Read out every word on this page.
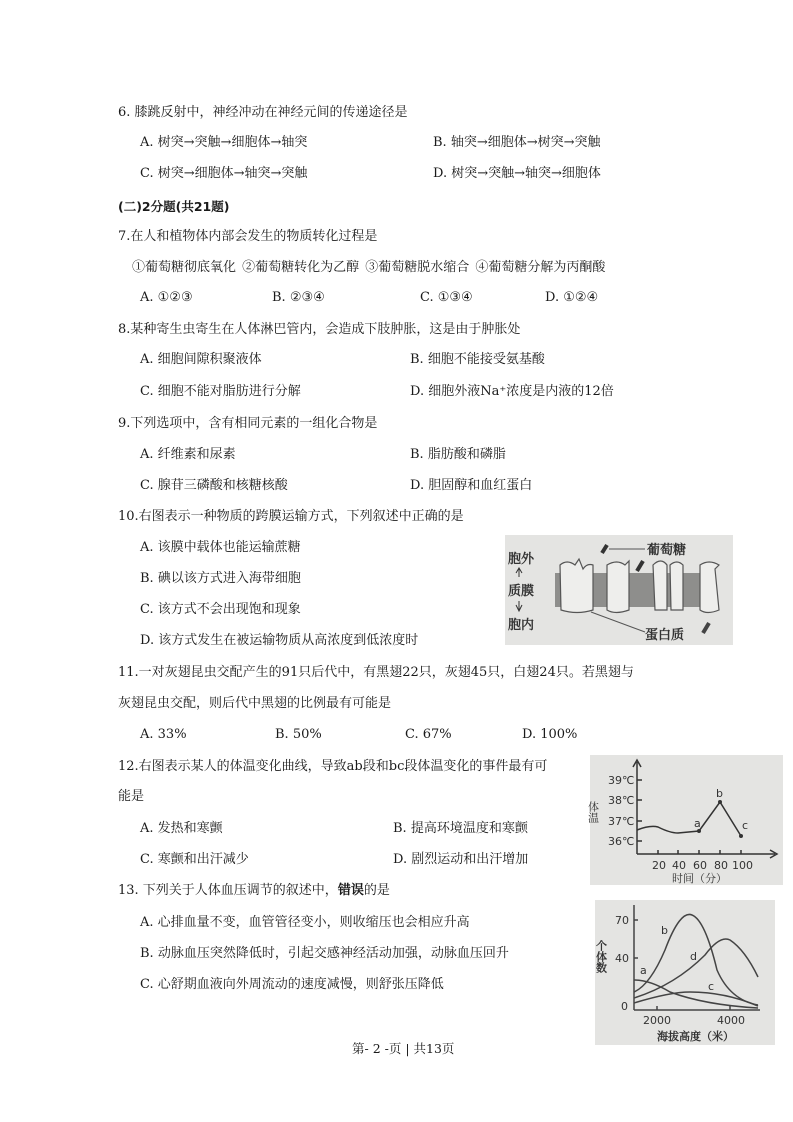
6. 膝跳反射中，神经冲动在神经元间的传递途径是
A. 树突→突触→细胞体→轴突	B. 轴突→细胞体→树突→突触
C. 树突→细胞体→轴突→突触	D. 树突→突触→轴突→细胞体
(二)2分题(共21题)
7.在人和植物体内部会发生的物质转化过程是
①葡萄糖彻底氧化 ②葡萄糖转化为乙醇 ③葡萄糖脱水缩合 ④葡萄糖分解为丙酮酸
A. ①②③	B. ②③④	C. ①③④	D. ①②④
8.某种寄生虫寄生在人体淋巴管内，会造成下肢肿胀，这是由于肿胀处
A. 细胞间隙积聚液体	B. 细胞不能接受氨基酸
C. 细胞不能对脂肪进行分解	D. 细胞外液Na⁺浓度是内液的12倍
9.下列选项中，含有相同元素的一组化合物是
A. 纤维素和尿素	B. 脂肪酸和磷脂
C. 腺苷三磷酸和核糖核酸	D. 胆固醇和血红蛋白
10.右图表示一种物质的跨膜运输方式，下列叙述中正确的是
A. 该膜中载体也能运输蔗糖
B. 碘以该方式进入海带细胞
C. 该方式不会出现饱和现象
D. 该方式发生在被运输物质从高浓度到低浓度时
胞外
质膜
胞内
葡萄糖
蛋白质
11.一对灰翅昆虫交配产生的91只后代中，有黑翅22只，灰翅45只，白翅24只。若黑翅与
灰翅昆虫交配，则后代中黑翅的比例最有可能是
A. 33%	B. 50%	C. 67%	D. 100%
12.右图表示某人的体温变化曲线，导致ab段和bc段体温变化的事件最有可
能是
A. 发热和寒颤	B. 提高环境温度和寒颤
C. 寒颤和出汗减少	D. 剧烈运动和出汗增加
39℃
38℃
37℃
36℃
20 40 60 80 100
时间（分）
a
b
c
体温
13. 下列关于人体血压调节的叙述中，错误的是
A. 心排血量不变，血管管径变小，则收缩压也会相应升高
B. 动脉血压突然降低时，引起交感神经活动加强，动脉血压回升
C. 心舒期血液向外周流动的速度减慢，则舒张压降低
70
40
0
2000	4000
海拔高度（米）
个体数	a
b
c
d
第- 2 -页 | 共13页
